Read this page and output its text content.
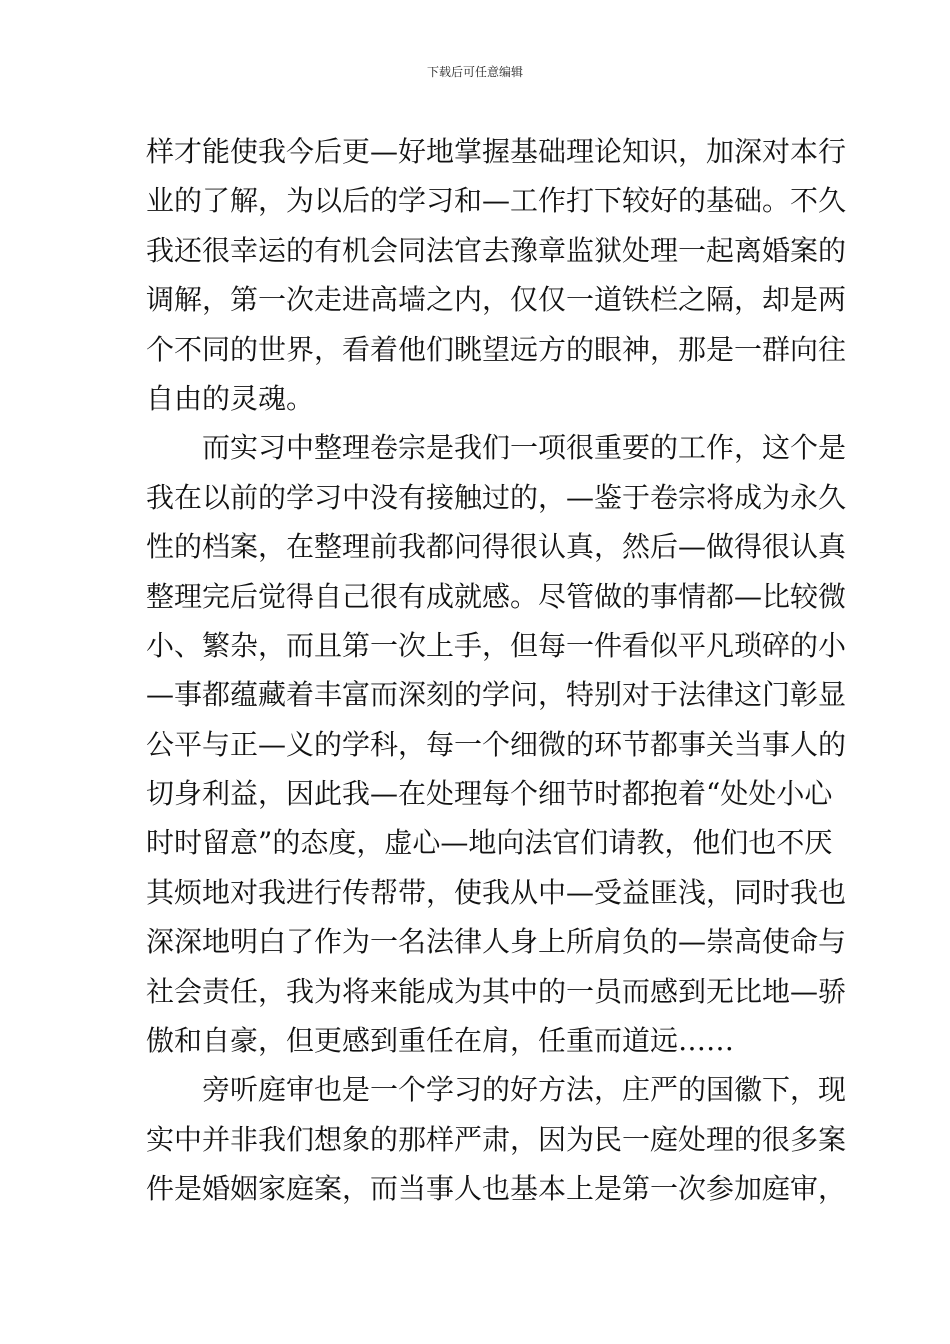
下载后可任意编辑
样才能使我今后更—好地掌握基础理论知识，加深对本行
业的了解，为以后的学习和—工作打下较好的基础。不久
我还很幸运的有机会同法官去豫章监狱处理一起离婚案的
调解，第一次走进高墙之内，仅仅一道铁栏之隔，却是两
个不同的世界，看着他们眺望远方的眼神，那是一群向往
自由的灵魂。
而实习中整理卷宗是我们一项很重要的工作，这个是
我在以前的学习中没有接触过的，—鉴于卷宗将成为永久
性的档案，在整理前我都问得很认真，然后—做得很认真
整理完后觉得自己很有成就感。尽管做的事情都—比较微
小、繁杂，而且第一次上手，但每一件看似平凡琐碎的小
—事都蕴藏着丰富而深刻的学问，特别对于法律这门彰显
公平与正—义的学科，每一个细微的环节都事关当事人的
切身利益，因此我—在处理每个细节时都抱着“处处小心
时时留意”的态度，虚心—地向法官们请教，他们也不厌
其烦地对我进行传帮带，使我从中—受益匪浅，同时我也
深深地明白了作为一名法律人身上所肩负的—崇高使命与
社会责任，我为将来能成为其中的一员而感到无比地—骄
傲和自豪，但更感到重任在肩，任重而道远……
旁听庭审也是一个学习的好方法，庄严的国徽下，现
实中并非我们想象的那样严肃，因为民一庭处理的很多案
件是婚姻家庭案，而当事人也基本上是第一次参加庭审，
